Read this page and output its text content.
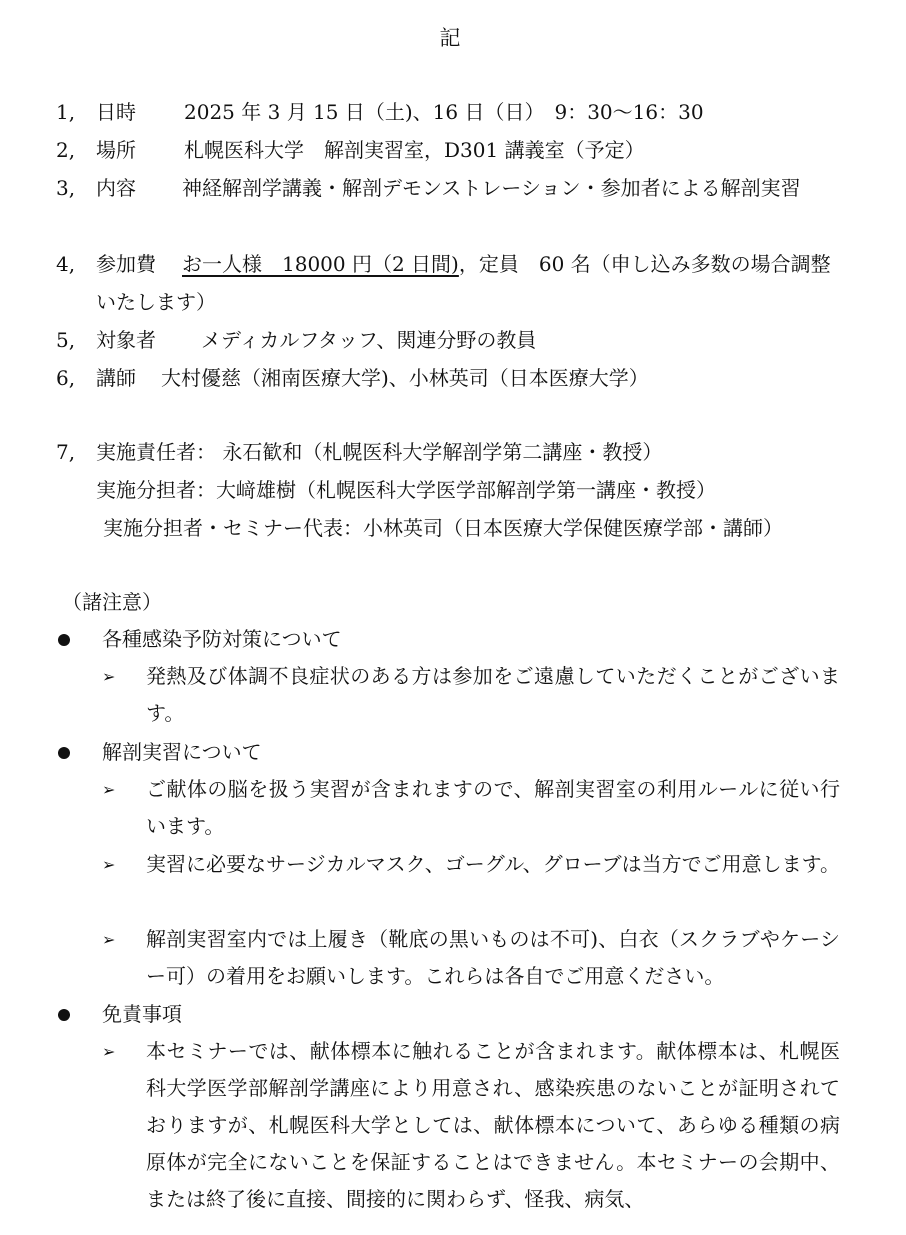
記
1,	日時 2025 年 3 月 15 日（土)、16 日（日）　9：30〜16：30
2,	場所 札幌医科大学　解剖実習室，D301 講義室（予定）
3,	内容 神経解剖学講義・解剖デモンストレーション・参加者による解剖実習
4,	参加費 お一人様　18000 円（2 日間)，定員　60 名（申し込み多数の場合調整いたします）
5,	対象者 メディカルフタッフ、関連分野の教員
6,	講師 大村優慈（湘南医療大学)、小林英司（日本医療大学）
7,	実施責任者： 永石歓和（札幌医科大学解剖学第二講座・教授）
実施分担者：大﨑雄樹（札幌医科大学医学部解剖学第一講座・教授）
実施分担者・セミナー代表：小林英司（日本医療大学保健医療学部・講師）
（諸注意）
各種感染予防対策について
➢	発熱及び体調不良症状のある方は参加をご遠慮していただくことがございます。
解剖実習について
➢	ご献体の脳を扱う実習が含まれますので、解剖実習室の利用ルールに従い行います。
➢	実習に必要なサージカルマスク、ゴーグル、グローブは当方でご用意します。
➢	解剖実習室内では上履き（靴底の黒いものは不可)、白衣（スクラブやケーシー可）の着用をお願いします。これらは各自でご用意ください。
免責事項
➢	本セミナーでは、献体標本に触れることが含まれます。献体標本は、札幌医科大学医学部解剖学講座により用意され、感染疾患のないことが証明されておりますが、札幌医科大学としては、献体標本について、あらゆる種類の病原体が完全にないことを保証することはできません。本セミナーの会期中、または終了後に直接、間接的に関わらず、怪我、病気、
